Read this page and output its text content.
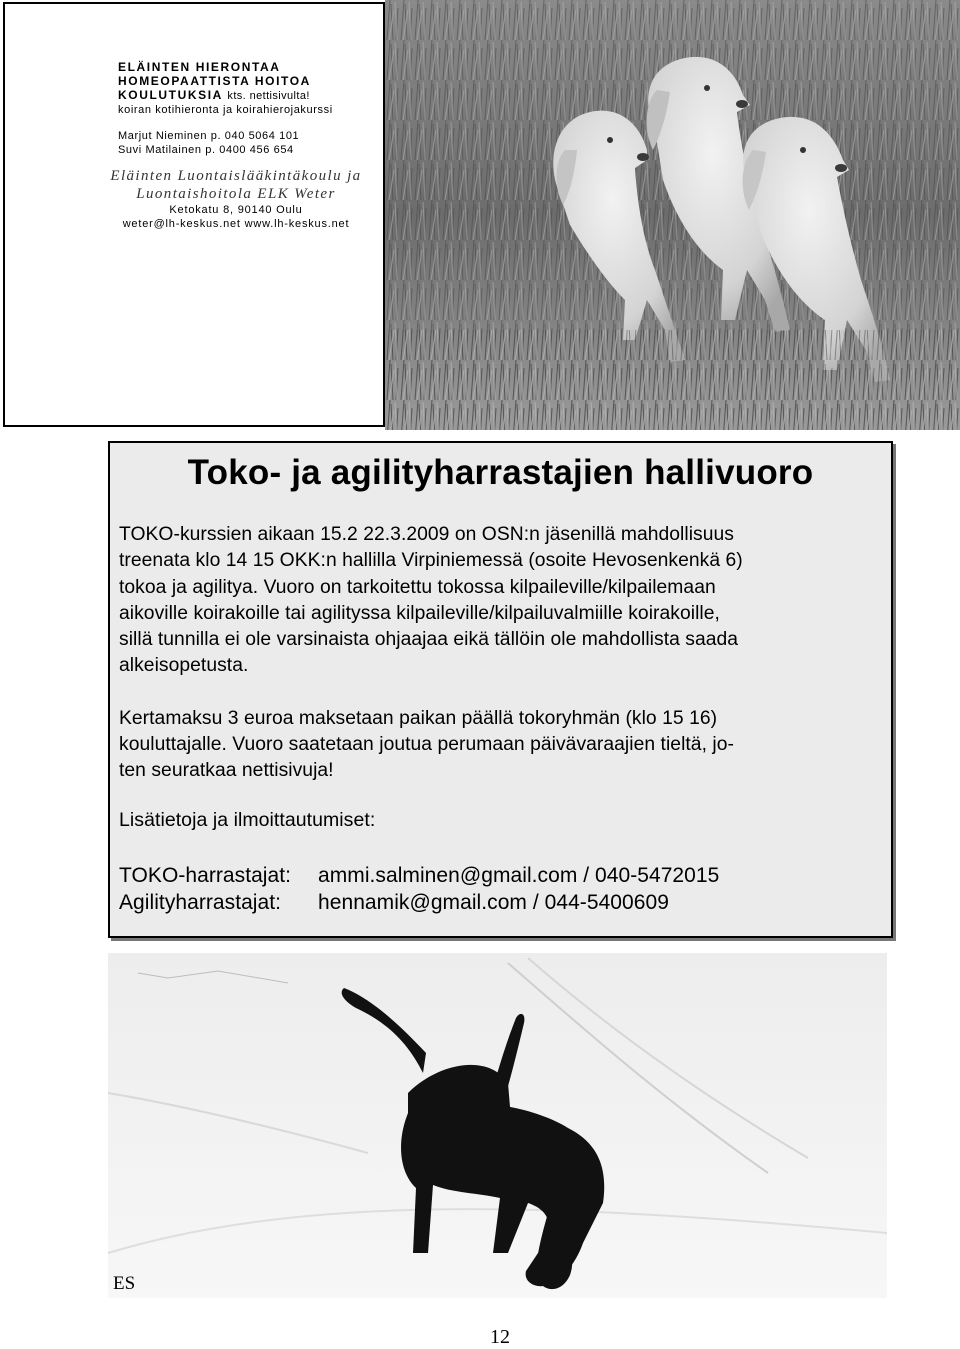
ELÄINTEN HIERONTAA
HOMEOPAATTISTA HOITOA
KOULUTUKSIA kts. nettisivulta!
koiran kotihieronta ja koirahierojakurssi
Marjut Nieminen p. 040 5064 101
Suvi Matilainen p. 0400 456 654
Eläinten Luontaislääkintäkoulu ja
Luontaishoitola ELK Weter
Ketokatu 8, 90140 Oulu
weter@lh-keskus.net www.lh-keskus.net
Toko- ja agilityharrastajien hallivuoro

TOKO-kurssien aikaan 15.2 22.3.2009 on OSN:n jäsenillä mahdollisuus
treenata klo 14 15 OKK:n hallilla Virpiniemessä (osoite Hevosenkenkä 6)
tokoa ja agilitya. Vuoro on tarkoitettu tokossa kilpaileville/kilpailemaan
aikoville koirakoille tai agilityssa kilpaileville/kilpailuvalmiille koirakoille,
sillä tunnilla ei ole varsinaista ohjaajaa eikä tällöin ole mahdollista saada
alkeisopetusta.

Kertamaksu 3 euroa maksetaan paikan päällä tokoryhmän (klo 15 16)
kouluttajalle. Vuoro saatetaan joutua perumaan päivävaraajien tieltä, jo-
ten seuratkaa nettisivuja!

Lisätietoja ja ilmoittautumiset:

TOKO-harrastajat: ammi.salminen@gmail.com / 040-5472015
Agilityharrastajat: hennamik@gmail.com / 044-5400609
ES
12
